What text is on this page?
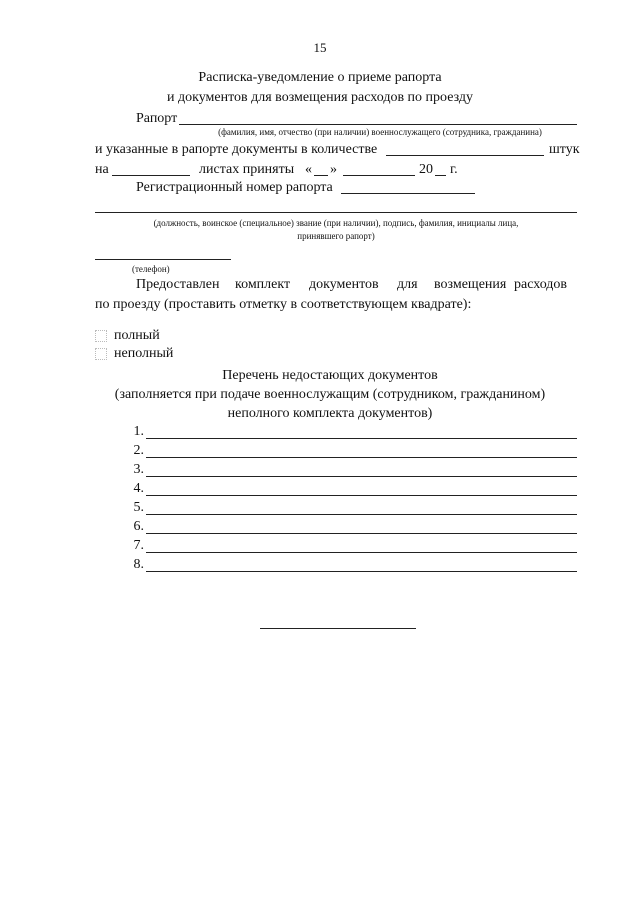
15
Расписка-уведомление о приеме рапорта
и документов для возмещения расходов по проезду
Рапорт
(фамилия, имя, отчество (при наличии) военнослужащего (сотрудника, гражданина)
и указанные в рапорте документы в количестве	штук
на	листах приняты « »	20 г.
Регистрационный номер рапорта
(должность, воинское (специальное) звание (при наличии), подпись, фамилия, инициалы лица,
принявшего рапорт)
(телефон)
Предоставлен комплект документов для возмещения расходов
по проезду (проставить отметку в соответствующем квадрате):
полный
неполный
Перечень недостающих документов
(заполняется при подаче военнослужащим (сотрудником, гражданином)
неполного комплекта документов)
1.
2.
3.
4.
5.
6.
7.
8.
